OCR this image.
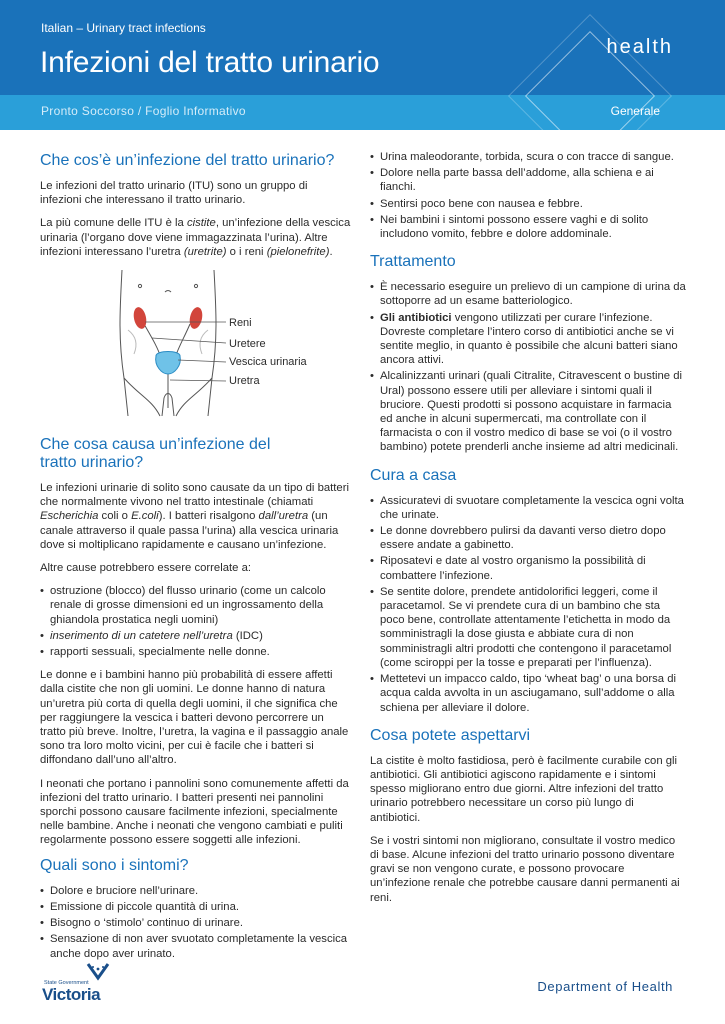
Italian – Urinary tract infections
Infezioni del tratto urinario	health
Pronto Soccorso / Foglio Informativo	Generale
Che cos’è un’infezione del tratto urinario?

Le infezioni del tratto urinario (ITU) sono un gruppo di infezioni che interessano il tratto urinario.

La più comune delle ITU è la cistite, un’infezione della vescica urinaria (l’organo dove viene immagazzinata l’urina). Altre infezioni interessano l’uretra (uretrite) o i reni (pielonefrite).

Reni
Uretere
Vescica urinaria
Uretra
Che cosa causa un’infezione del
tratto urinario?

Le infezioni urinarie di solito sono causate da un tipo di batteri che normalmente vivono nel tratto intestinale (chiamati Escherichia coli o E.coli). I batteri risalgono dall’uretra (un canale attraverso il quale passa l’urina) alla vescica urinaria dove si moltiplicano rapidamente e causano un’infezione.

Altre cause potrebbero essere correlate a:

• ostruzione (blocco) del flusso urinario (come un calcolo renale di grosse dimensioni ed un ingrossamento della ghiandola prostatica negli uomini)
• inserimento di un catetere nell’uretra (IDC)
• rapporti sessuali, specialmente nelle donne.

Le donne e i bambini hanno più probabilità di essere affetti dalla cistite che non gli uomini. Le donne hanno di natura un’uretra più corta di quella degli uomini, il che significa che per raggiungere la vescica i batteri devono percorrere un tratto più breve. Inoltre, l’uretra, la vagina e il passaggio anale sono tra loro molto vicini, per cui è facile che i batteri si diffondano dall’uno all’altro.

I neonati che portano i pannolini sono comunemente affetti da infezioni del tratto urinario. I batteri presenti nei pannolini sporchi possono causare facilmente infezioni, specialmente nelle bambine. Anche i neonati che vengono cambiati e puliti regolarmente possono essere soggetti alle infezioni.

Quali sono i sintomi?
• Dolore e bruciore nell’urinare.
• Emissione di piccole quantità di urina.
• Bisogno o ‘stimolo’ continuo di urinare.
• Sensazione di non aver svuotato completamente la vescica anche dopo aver urinato.
• Urina maleodorante, torbida, scura o con tracce di sangue.
• Dolore nella parte bassa dell’addome, alla schiena e ai fianchi.
• Sentirsi poco bene con nausea e febbre.
• Nei bambini i sintomi possono essere vaghi e di solito includono vomito, febbre e dolore addominale.
Trattamento
• È necessario eseguire un prelievo di un campione di urina da sottoporre ad un esame batteriologico.
• Gli antibiotici vengono utilizzati per curare l’infezione. Dovreste completare l’intero corso di antibiotici anche se vi sentite meglio, in quanto è possibile che alcuni batteri siano ancora attivi.
• Alcalinizzanti urinari (quali Citralite, Citravescent o bustine di Ural) possono essere utili per alleviare i sintomi quali il bruciore. Questi prodotti si possono acquistare in farmacia ed anche in alcuni supermercati, ma controllate con il farmacista o con il vostro medico di base se voi (o il vostro bambino) potete prenderli anche insieme ad altri medicinali.
Cura a casa
• Assicuratevi di svuotare completamente la vescica ogni volta che urinate.
• Le donne dovrebbero pulirsi da davanti verso dietro dopo essere andate a gabinetto.
• Riposatevi e date al vostro organismo la possibilità di combattere l’infezione.
• Se sentite dolore, prendete antidolorifici leggeri, come il paracetamol. Se vi prendete cura di un bambino che sta poco bene, controllate attentamente l’etichetta in modo da somministragli la dose giusta e abbiate cura di non somministragli altri prodotti che contengono il paracetamol (come sciroppi per la tosse e preparati per l’influenza).
• Mettetevi un impacco caldo, tipo ‘wheat bag’ o una borsa di acqua calda avvolta in un asciugamano, sull’addome o alla schiena per alleviare il dolore.
Cosa potete aspettarvi

La cistite è molto fastidiosa, però è facilmente curabile con gli antibiotici. Gli antibiotici agiscono rapidamente e i sintomi spesso migliorano entro due giorni. Altre infezioni del tratto urinario potrebbero necessitare un corso più lungo di antibiotici.

Se i vostri sintomi non migliorano, consultate il vostro medico di base. Alcune infezioni del tratto urinario possono diventare gravi se non vengono curate, e possono provocare un’infezione renale che potrebbe causare danni permanenti ai reni.

State Government
Victoria	Department of Health
